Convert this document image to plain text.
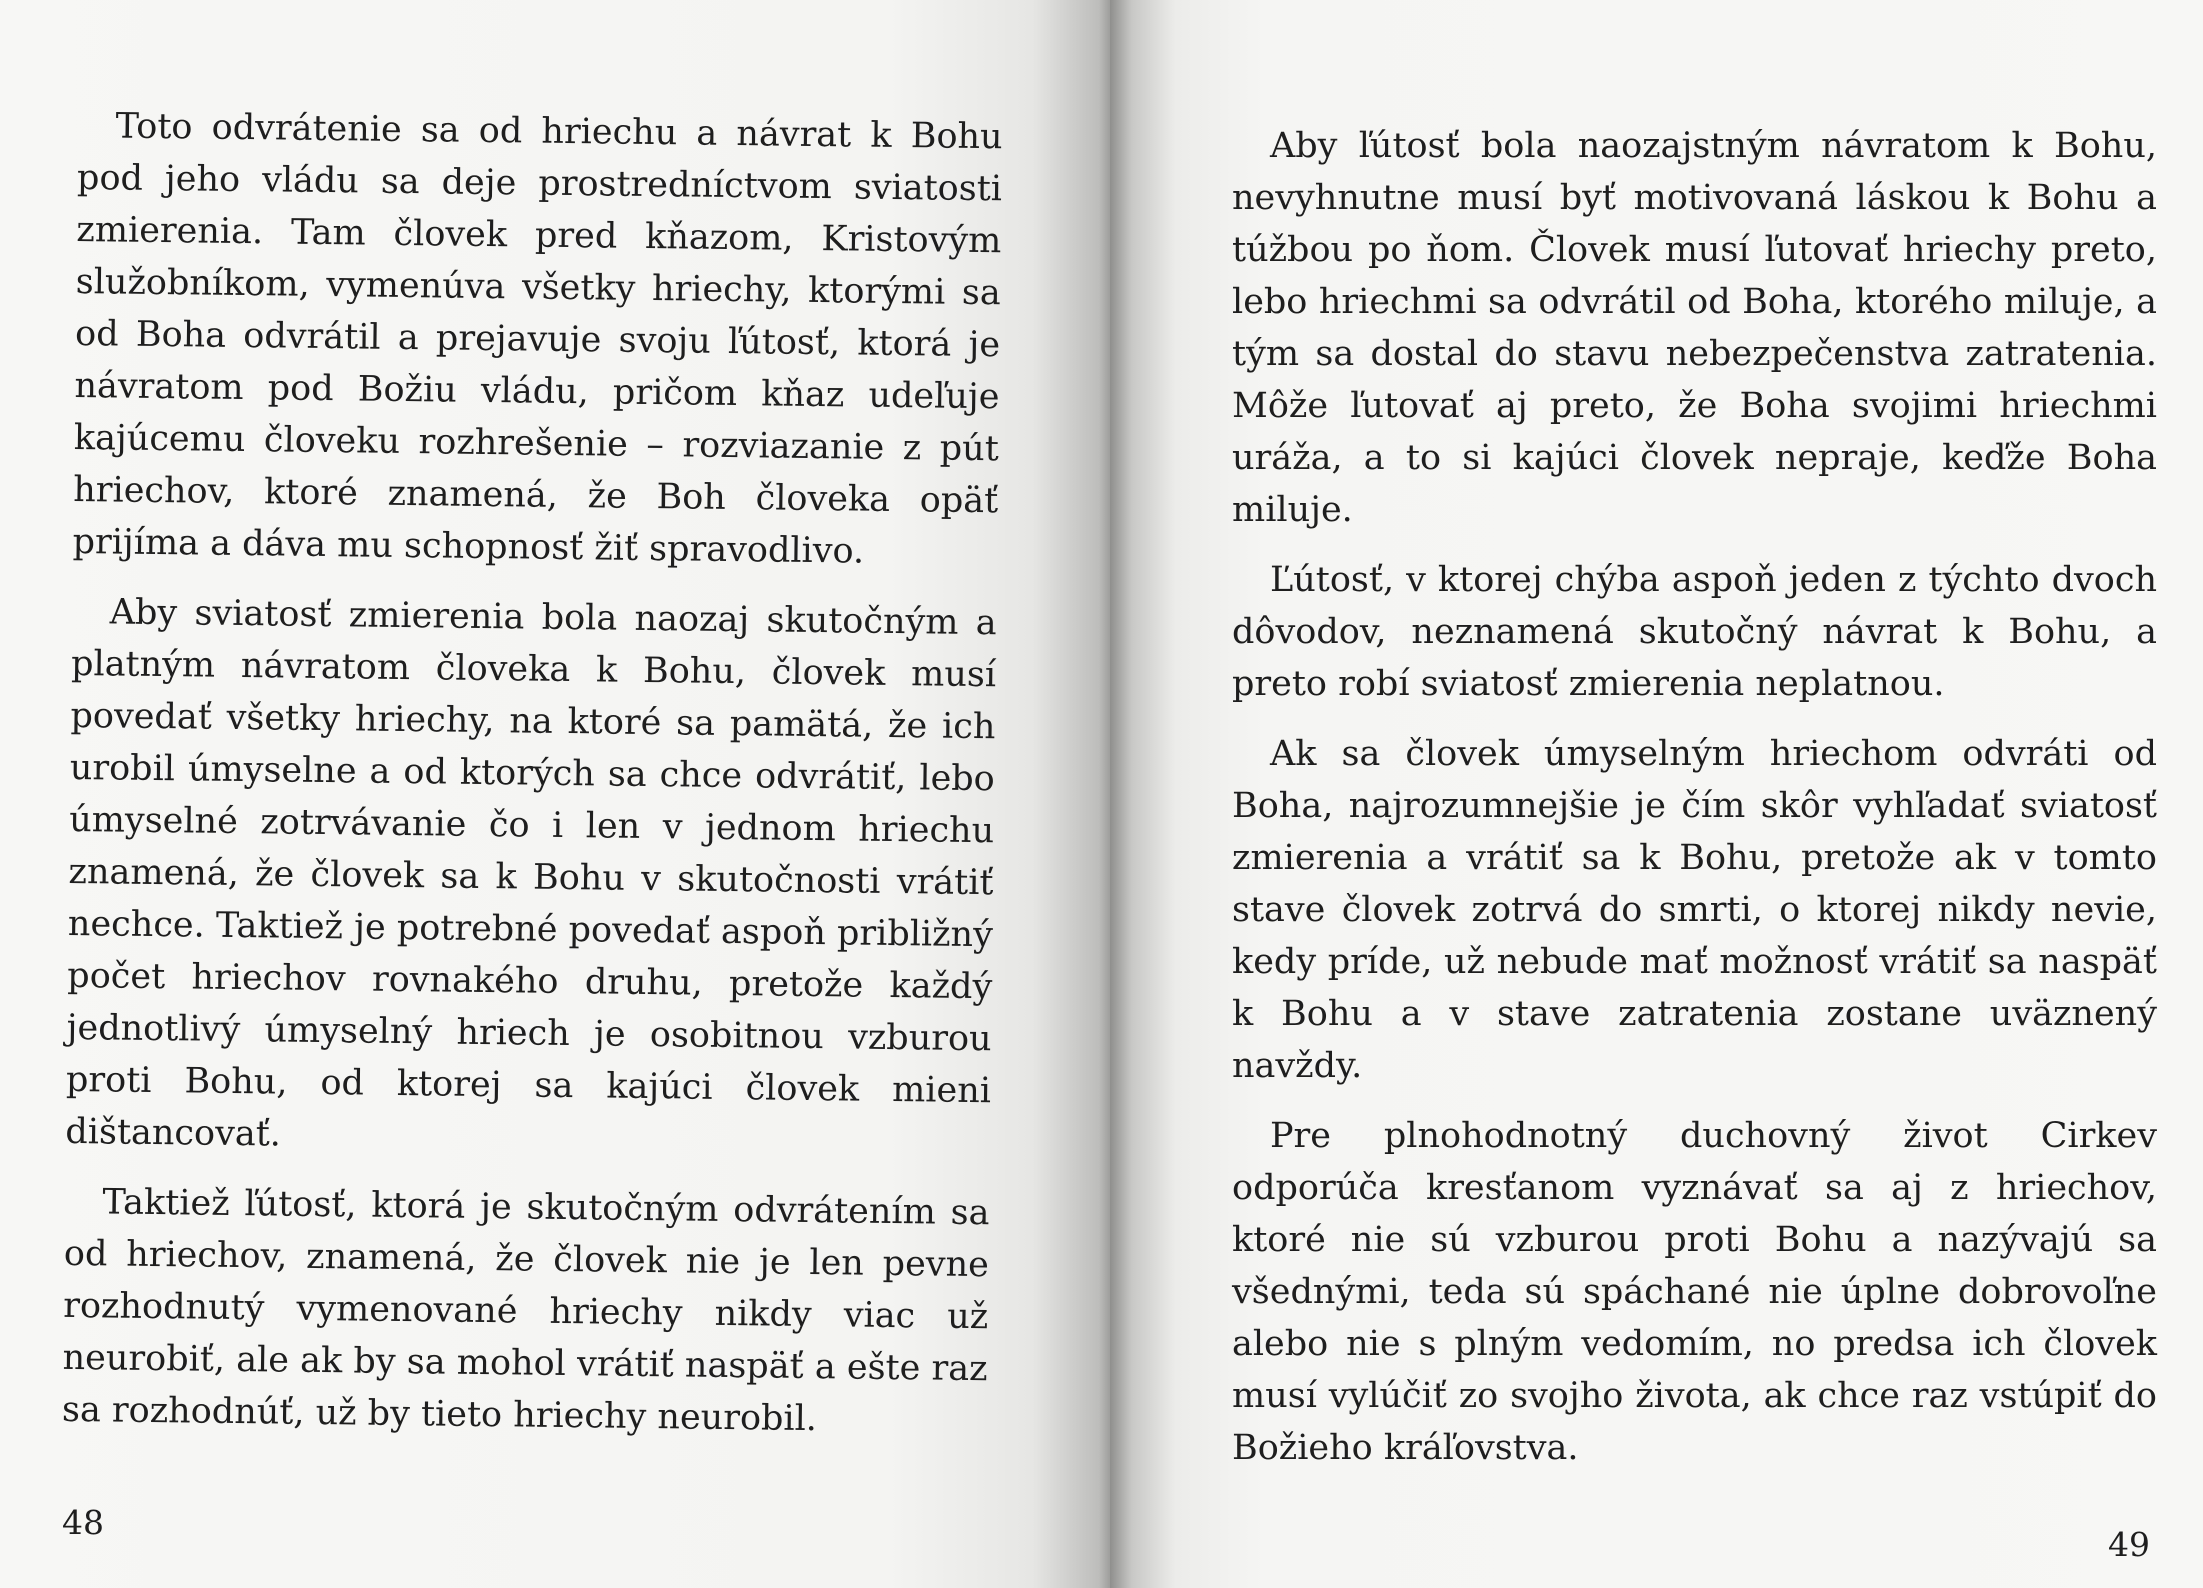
Toto odvrátenie sa od hriechu a návrat k Bohu pod jeho vládu sa deje prostredníctvom sviatosti zmierenia. Tam človek pred kňazom, Kristovým služobníkom, vymenúva všetky hriechy, ktorými sa od Boha odvrátil a prejavuje svoju ľútosť, ktorá je návratom pod Božiu vládu, pričom kňaz udeľuje kajúcemu človeku rozhrešenie – rozviazanie z pút hriechov, ktoré znamená, že Boh človeka opäť prijíma a dáva mu schopnosť žiť spravodlivo.

Aby sviatosť zmierenia bola naozaj skutočným a platným návratom človeka k Bohu, človek musí povedať všetky hriechy, na ktoré sa pamätá, že ich urobil úmyselne a od ktorých sa chce odvrátiť, lebo úmyselné zotrvávanie čo i len v jednom hriechu znamená, že človek sa k Bohu v skutočnosti vrátiť nechce. Taktiež je potrebné povedať aspoň približný počet hriechov rovnakého druhu, pretože každý jednotlivý úmyselný hriech je osobitnou vzburou proti Bohu, od ktorej sa kajúci človek mieni dištancovať.

Taktiež ľútosť, ktorá je skutočným odvrátením sa od hriechov, znamená, že človek nie je len pevne rozhodnutý vymenované hriechy nikdy viac už neurobiť, ale ak by sa mohol vrátiť naspäť a ešte raz sa rozhodnúť, už by tieto hriechy neurobil.

48

Aby ľútosť bola naozajstným návratom k Bohu, nevyhnutne musí byť motivovaná láskou k Bohu a túžbou po ňom. Človek musí ľutovať hriechy preto, lebo hriechmi sa odvrátil od Boha, ktorého miluje, a tým sa dostal do stavu nebezpečenstva zatratenia. Môže ľutovať aj preto, že Boha svojimi hriechmi uráža, a to si kajúci človek nepraje, keďže Boha miluje.

Ľútosť, v ktorej chýba aspoň jeden z týchto dvoch dôvodov, neznamená skutočný návrat k Bohu, a preto robí sviatosť zmierenia neplatnou.

Ak sa človek úmyselným hriechom odvráti od Boha, najrozumnejšie je čím skôr vyhľadať sviatosť zmierenia a vrátiť sa k Bohu, pretože ak v tomto stave človek zotrvá do smrti, o ktorej nikdy nevie, kedy príde, už nebude mať možnosť vrátiť sa naspäť k Bohu a v stave zatratenia zostane uväznený navždy.

Pre plnohodnotný duchovný život Cirkev odporúča kresťanom vyznávať sa aj z hriechov, ktoré nie sú vzburou proti Bohu a nazývajú sa všednými, teda sú spáchané nie úplne dobrovoľne alebo nie s plným vedomím, no predsa ich človek musí vylúčiť zo svojho života, ak chce raz vstúpiť do Božieho kráľovstva.

49
